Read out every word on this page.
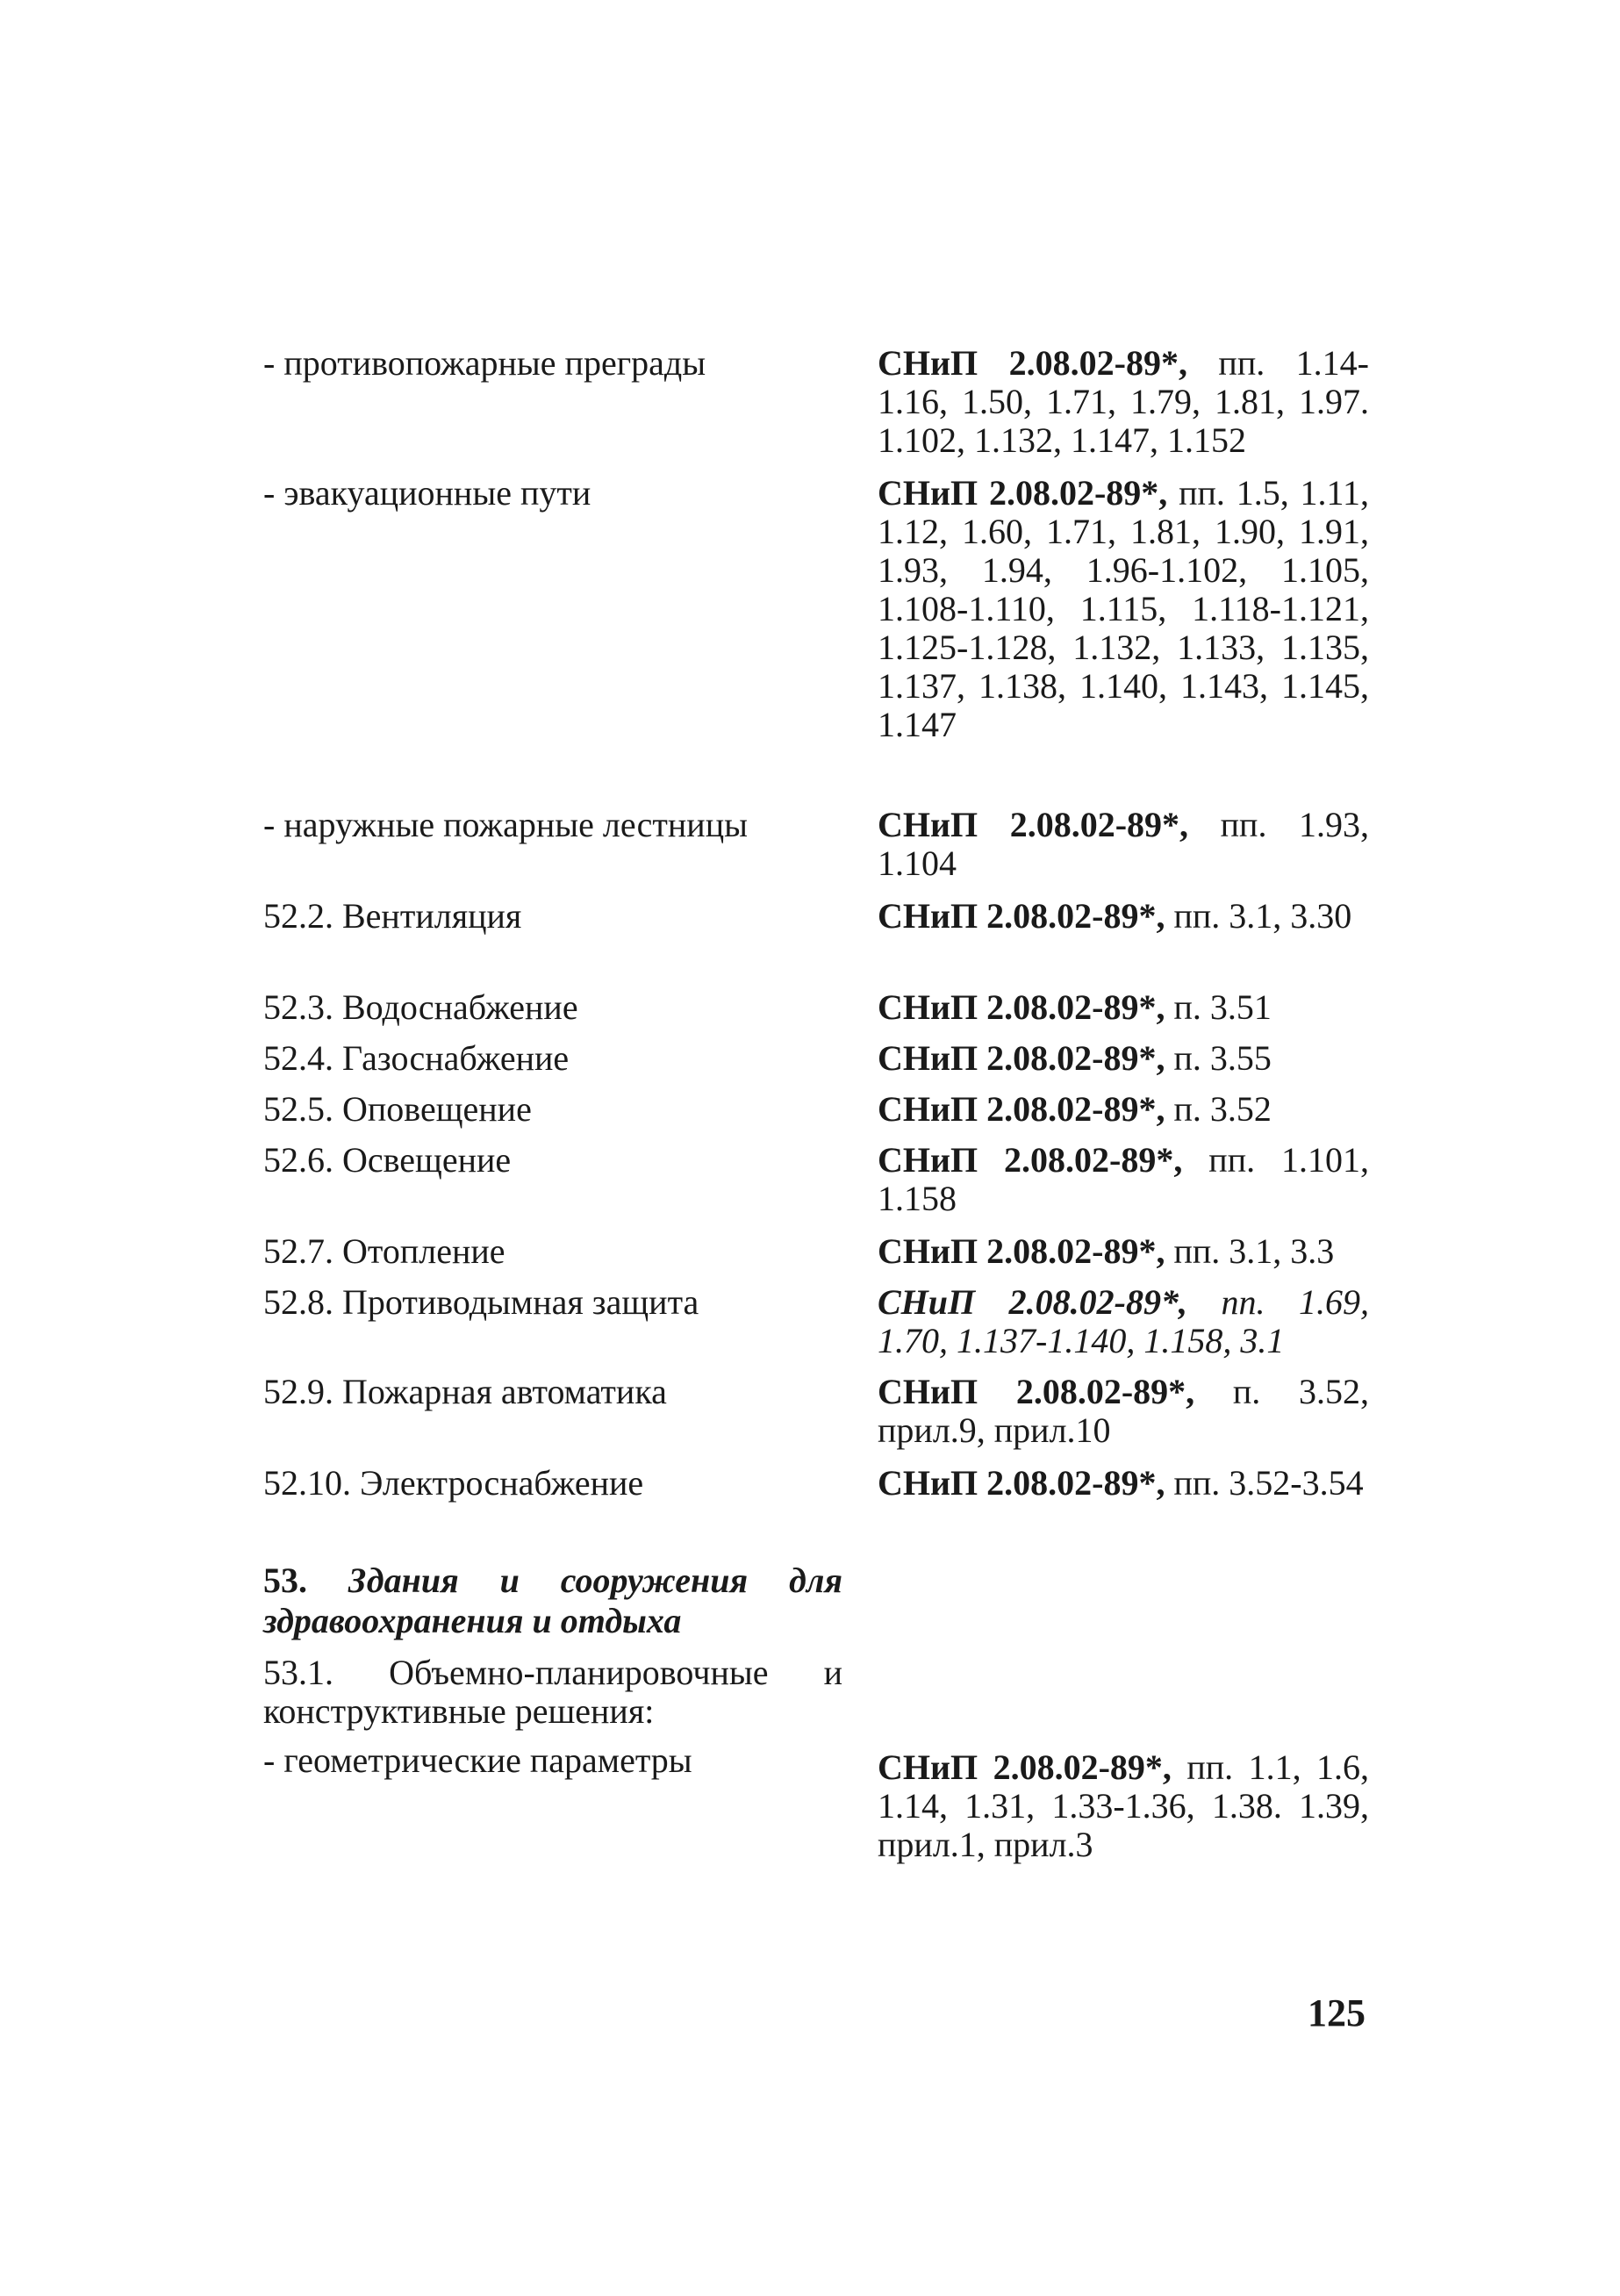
- противопожарные преграды	СНиП 2.08.02-89*, пп. 1.14-1.16, 1.50, 1.71, 1.79, 1.81, 1.97. 1.102, 1.132, 1.147, 1.152
- эвакуационные пути	СНиП 2.08.02-89*, пп. 1.5, 1.11, 1.12, 1.60, 1.71, 1.81, 1.90, 1.91, 1.93, 1.94, 1.96-1.102, 1.105, 1.108-1.110, 1.115, 1.118-1.121, 1.125-1.128, 1.132, 1.133, 1.135, 1.137, 1.138, 1.140, 1.143, 1.145, 1.147
- наружные пожарные лестницы	СНиП 2.08.02-89*, пп. 1.93, 1.104
52.2. Вентиляция	СНиП 2.08.02-89*, пп. 3.1, 3.30
52.3. Водоснабжение	СНиП 2.08.02-89*, п. 3.51
52.4. Газоснабжение	СНиП 2.08.02-89*, п. 3.55
52.5. Оповещение	СНиП 2.08.02-89*, п. 3.52
52.6. Освещение	СНиП 2.08.02-89*, пп. 1.101, 1.158
52.7. Отопление	СНиП 2.08.02-89*, пп. 3.1, 3.3
52.8. Противодымная защита	СНиП 2.08.02-89*, пп. 1.69, 1.70, 1.137-1.140, 1.158, 3.1
52.9. Пожарная автоматика	СНиП 2.08.02-89*, п. 3.52, прил.9, прил.10
52.10. Электроснабжение	СНиП 2.08.02-89*, пп. 3.52-3.54
53. Здания и сооружения для здравоохранения и отдыха
53.1. Объемно-планировочные и конструктивные решения:
- геометрические параметры	СНиП 2.08.02-89*, пп. 1.1, 1.6, 1.14, 1.31, 1.33-1.36, 1.38. 1.39, прил.1, прил.3
125
